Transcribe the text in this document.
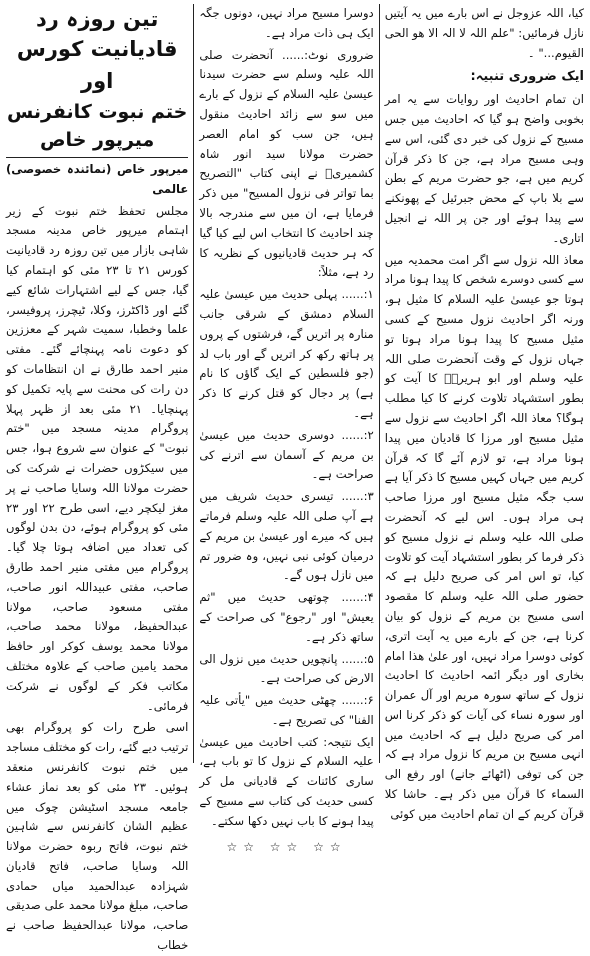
کیا، اللہ عزوجل نے اس بارے میں یہ آیتیں نازل فرمائیں: "علم اللہ لا الہ الا ھو الحی القیوم..." ۔

ایک ضروری تنبیہ:

ان تمام احادیث اور روایات سے یہ امر بخوبی واضح ہو گیا کہ احادیث میں جس مسیح کے نزول کی خبر دی گئی، اس سے وہی مسیح مراد ہے، جن کا ذکر قرآن کریم میں ہے، جو حضرت مریم کے بطن سے بلا باپ کے محض جبرئیل کے پھونکنے سے پیدا ہوئے اور جن پر اللہ نے انجیل اتاری۔

معاذ اللہ نزول سے اگر امت محمدیہ میں سے کسی دوسرے شخص کا پیدا ہونا مراد ہوتا جو عیسیٰ علیہ السلام کا مثیل ہو، ورنہ اگر احادیث نزول مسیح کے کسی مثیل مسیح کا پیدا ہونا مراد ہوتا تو جہاں نزول کے وقت آنحضرت صلی اللہ علیہ وسلم اور ابو ہریرہؓ کا آیت کو بطور استشہاد تلاوت کرنے کا کیا مطلب ہوگا؟ معاذ اللہ اگر احادیث سے نزول سے مثیل مسیح اور مرزا کا قادیان میں پیدا ہونا مراد ہے، تو لازم آئے گا کہ قرآن کریم میں جہاں کہیں مسیح کا ذکر آیا ہے سب جگہ مثیل مسیح اور مرزا صاحب ہی مراد ہوں۔ اس لیے کہ آنحضرت صلی اللہ علیہ وسلم نے نزول مسیح کو ذکر فرما کر بطور استشہاد آیت کو تلاوت کیا، تو اس امر کی صریح دلیل ہے کہ حضور صلی اللہ علیہ وسلم کا مقصود اسی مسیح بن مریم کے نزول کو بیان کرنا ہے، جن کے بارے میں یہ آیت اتری، کوئی دوسرا مراد نہیں، اور علیٰ ھذا امام بخاری اور دیگر ائمہ احادیث کا احادیث نزول کے ساتھ سورہ مریم اور آل عمران اور سورہ نساء کی آیات کو ذکر کرنا اس امر کی صریح دلیل ہے کہ احادیث میں انہی مسیح بن مریم کا نزول مراد ہے کہ جن کی توفی (اٹھائے جانے) اور رفع الی السماء کا قرآن میں ذکر ہے۔ حاشا کلا قرآن کریم کے ان تمام احادیث میں کوئی

دوسرا مسیح مراد نہیں، دونوں جگہ ایک ہی ذات مراد ہے۔

ضروری نوٹ:...... آنحضرت صلی اللہ علیہ وسلم سے حضرت سیدنا عیسیٰ علیہ السلام کے نزول کے بارے میں سو سے زائد احادیث منقول ہیں، جن سب کو امام العصر حضرت مولانا سید انور شاہ کشمیریؒ نے اپنی کتاب "التصریح بما تواتر فی نزول المسیح" میں ذکر فرمایا ہے، ان میں سے مندرجہ بالا چند احادیث کا انتخاب اس لیے کیا گیا کہ ہر حدیث قادیانیوں کے نظریہ کا رد ہے، مثلاً:

۱:...... پہلی حدیث میں عیسیٰ علیہ السلام دمشق کے شرقی جانب منارہ پر اتریں گے، فرشتوں کے پروں پر ہاتھ رکھ کر اتریں گے اور باب لد (جو فلسطین کے ایک گاؤں کا نام ہے) پر دجال کو قتل کرنے کا ذکر ہے۔

۲:...... دوسری حدیث میں عیسیٰ بن مریم کے آسمان سے اترنے کی صراحت ہے۔

۳:...... تیسری حدیث شریف میں ہے آپ صلی اللہ علیہ وسلم فرماتے ہیں کہ میرے اور عیسیٰ بن مریم کے درمیان کوئی نبی نہیں، وہ ضرور تم میں نازل ہوں گے۔

۴:...... چوتھی حدیث میں "ثم یعیش" اور "رجوع" کی صراحت کے ساتھ ذکر ہے۔

۵:...... پانچویں حدیث میں نزول الی الارض کی صراحت ہے۔

۶:...... چھٹی حدیث میں "یأتی علیہ الفنا" کی تصریح ہے۔

ایک نتیجہ: کتب احادیث میں عیسیٰ علیہ السلام کے نزول کا تو باب ہے، ساری کائنات کے قادیانی مل کر کسی حدیث کی کتاب سے مسیح کے پیدا ہونے کا باب نہیں دکھا سکتے۔

☆☆ ☆☆ ☆☆

تین روزہ رد قادیانیت کورس

اور

ختم نبوت کانفرنس میرپور خاص

میرپور خاص (نمائندہ خصوصی) عالمی

مجلس تحفظ ختم نبوت کے زیر اہتمام میرپور خاص مدینہ مسجد شاہی بازار میں تین روزہ رد قادیانیت کورس ۲۱ تا ۲۳ مئی کو اہتمام کیا گیا، جس کے لیے اشتہارات شائع کیے گئے اور ڈاکٹرز، وکلا، ٹیچرز، پروفیسر، علما وخطبا، سمیت شہر کے معززین کو دعوت نامہ پہنچائے گئے۔ مفتی منیر احمد طارق نے ان انتظامات کو دن رات کی محنت سے پایہ تکمیل کو پہنچایا۔ ۲۱ مئی بعد از ظہر پہلا پروگرام مدینہ مسجد میں "ختم نبوت" کے عنوان سے شروع ہوا، جس میں سیکڑوں حضرات نے شرکت کی حضرت مولانا اللہ وسایا صاحب نے پر مغز لیکچر دیے، اسی طرح ۲۲ اور ۲۳ مئی کو پروگرام ہوئے، دن بدن لوگوں کی تعداد میں اضافہ ہوتا چلا گیا۔ پروگرام میں مفتی منیر احمد طارق صاحب، مفتی عبیداللہ انور صاحب، مفتی مسعود صاحب، مولانا عبدالحفیظ، مولانا محمد صاحب، مولانا محمد یوسف کوکر اور حافظ محمد یامین صاحب کے علاوہ مختلف مکاتب فکر کے لوگوں نے شرکت فرمائی۔

اسی طرح رات کو پروگرام بھی ترتیب دیے گئے، رات کو مختلف مساجد میں ختم نبوت کانفرنس منعقد ہوئیں۔ ۲۳ مئی کو بعد نماز عشاء جامعہ مسجد اسٹیشن چوک میں عظیم الشان کانفرنس سے شاہین ختم نبوت، فاتح ربوہ حضرت مولانا اللہ وسایا صاحب، فاتح قادیان شہزادہ عبدالحمید میاں حمادی صاحب، مبلغ مولانا محمد علی صدیقی صاحب، مولانا عبدالحفیظ صاحب نے خطاب
